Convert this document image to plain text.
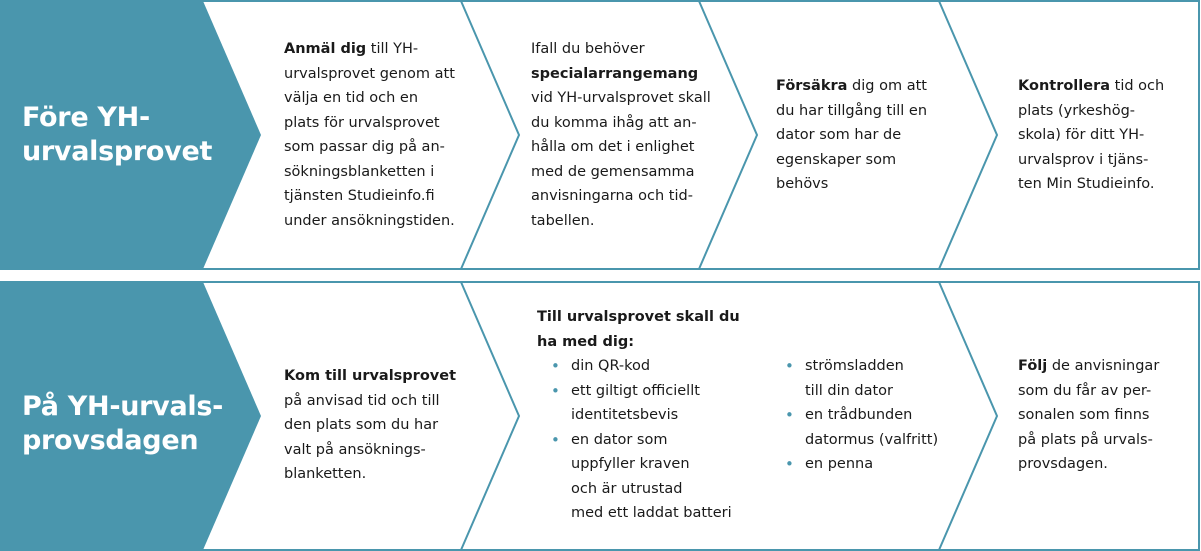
Före YH-
urvalsprovet
På YH-urvals-
provsdagen
Anmäl dig till YH-
urvalsprovet genom att
välja en tid och en
plats för urvalsprovet
som passar dig på an-
sökningsblanketten i
tjänsten Studieinfo.fi
under ansökningstiden.
Ifall du behöver
specialarrangemang
vid YH-urvalsprovet skall
du komma ihåg att an-
hålla om det i enlighet
med de gemensamma
anvisningarna och tid-
tabellen.
Försäkra dig om att
du har tillgång till en
dator som har de
egenskaper som
behövs
Kontrollera tid och
plats (yrkeshög-
skola) för ditt YH-
urvalsprov i tjäns-
ten Min Studieinfo.
Kom till urvalsprovet
på anvisad tid och till
den plats som du har
valt på ansöknings-
blanketten.
Till urvalsprovet skall du
ha med dig:
• din QR-kod
• ett giltigt officiellt
identitetsbevis
• en dator som
uppfyller kraven
och är utrustad
med ett laddat batteri
• strömsladden
till din dator
• en trådbunden
datormus (valfritt)
• en penna
Följ de anvisningar
som du får av per-
sonalen som finns
på plats på urvals-
provsdagen.
